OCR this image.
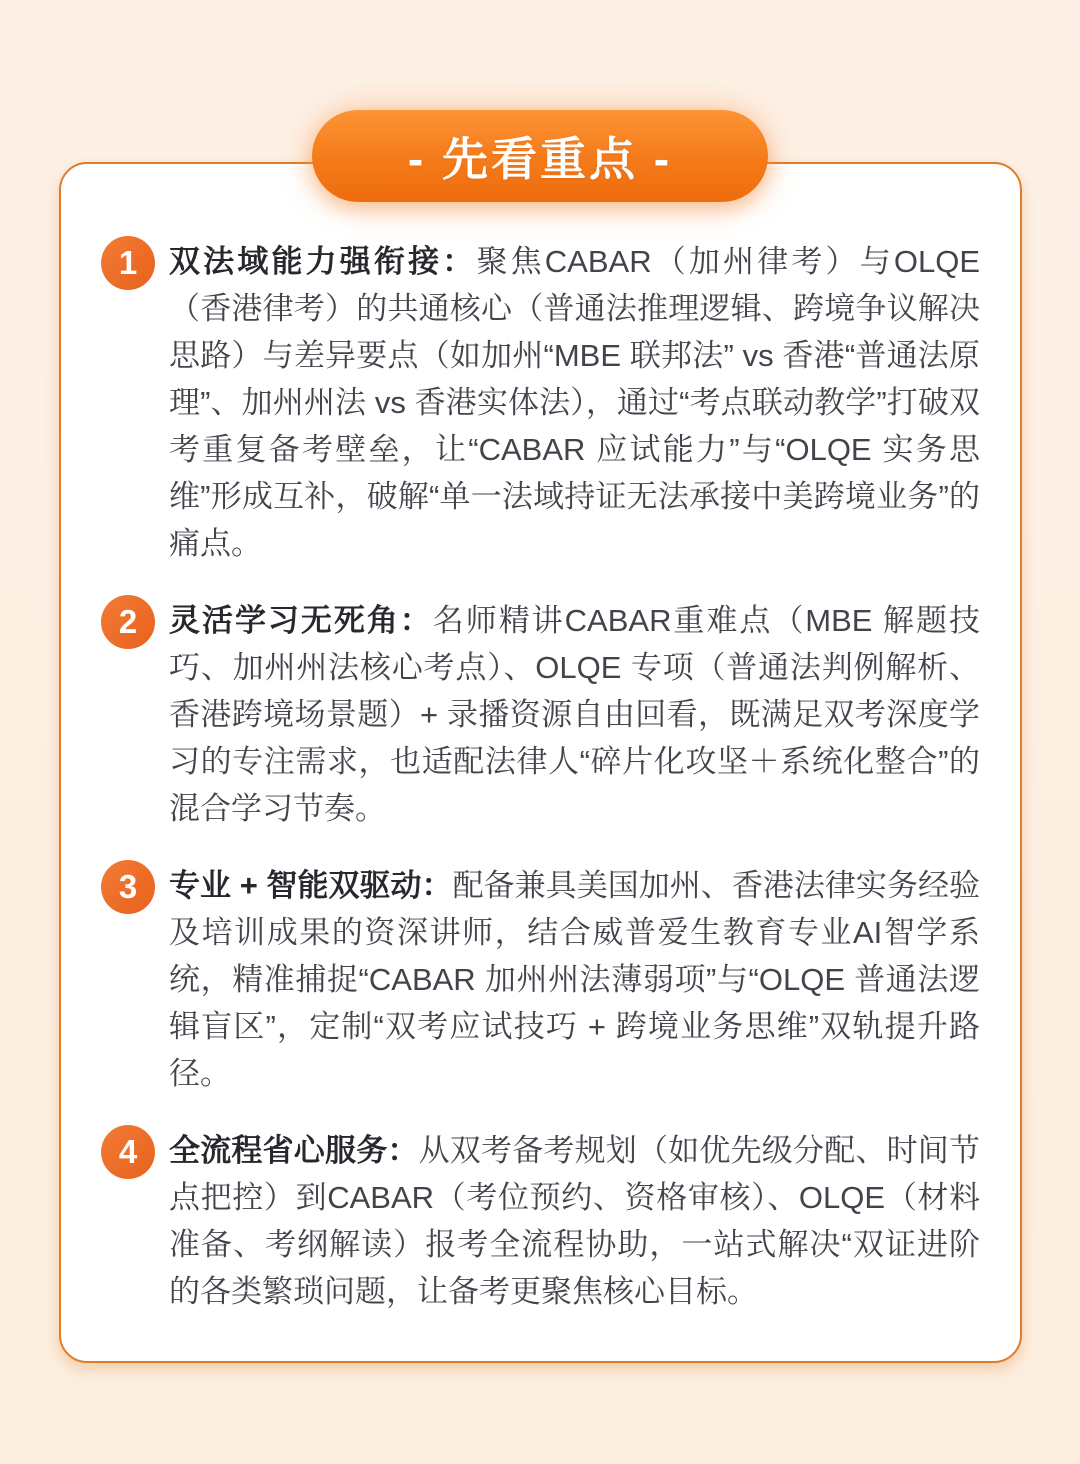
- 先看重点 -
1	双法域能力强衔接：聚焦CABAR（加州律考）与OLQE（香港律考）的共通核心（普通法推理逻辑、跨境争议解决思路）与差异要点（如加州“MBE 联邦法” vs 香港“普通法原理”、加州州法 vs 香港实体法），通过“考点联动教学”打破双考重复备考壁垒，让“CABAR 应试能力”与“OLQE 实务思维”形成互补，破解“单一法域持证无法承接中美跨境业务”的痛点。

2	灵活学习无死角：名师精讲CABAR重难点（MBE 解题技巧、加州州法核心考点）、OLQE 专项（普通法判例解析、香港跨境场景题）+ 录播资源自由回看，既满足双考深度学习的专注需求，也适配法律人“碎片化攻坚＋系统化整合”的混合学习节奏。

3	专业 + 智能双驱动：配备兼具美国加州、香港法律实务经验及培训成果的资深讲师，结合威普爱生教育专业AI智学系统，精准捕捉“CABAR 加州州法薄弱项”与“OLQE 普通法逻辑盲区”，定制“双考应试技巧 + 跨境业务思维”双轨提升路径。

4	全流程省心服务：从双考备考规划（如优先级分配、时间节点把控）到CABAR（考位预约、资格审核）、OLQE（材料准备、考纲解读）报考全流程协助，一站式解决“双证进阶 的各类繁琐问题，让备考更聚焦核心目标。
